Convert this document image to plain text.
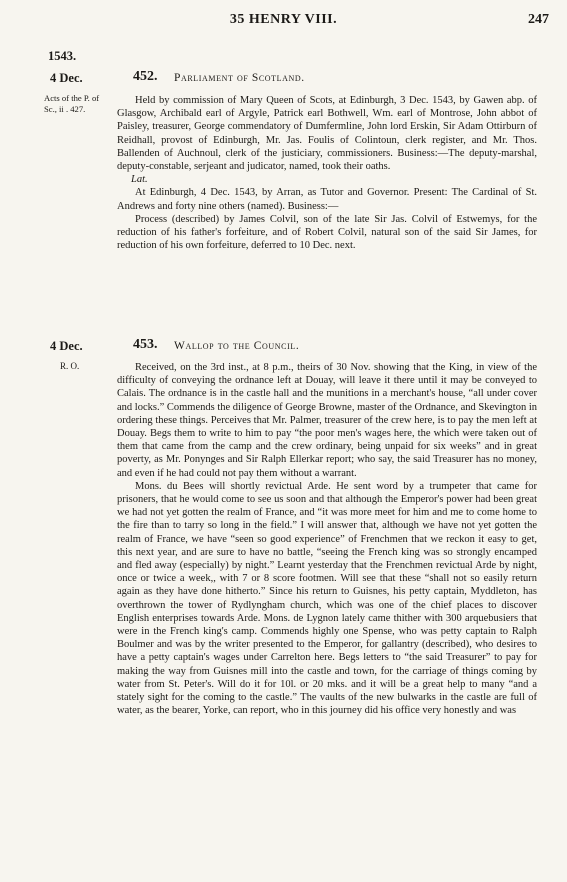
35 HENRY VIII.	247
1543.
4 Dec.	452. Parliament of Scotland.
Acts of the P. of Sc., ii . 427.

Held by commission of Mary Queen of Scots, at Edinburgh, 3 Dec. 1543, by Gawen abp. of Glasgow, Archibald earl of Argyle, Patrick earl Bothwell, Wm. earl of Montrose, John abbot of Paisley, treasurer, George commendatory of Dumfermline, John lord Erskin, Sir Adam Ottirburn of Reidhall, provost of Edinburgh, Mr. Jas. Foulis of Colintoun, clerk register, and Mr. Thos. Ballenden of Auchnoul, clerk of the justiciary, commissioners. Business:—The deputy-marshal, deputy-constable, serjeant and judicator, named, took their oaths.

Lat.

At Edinburgh, 4 Dec. 1543, by Arran, as Tutor and Governor. Present: The Cardinal of St. Andrews and forty nine others (named). Business:—

Process (described) by James Colvil, son of the late Sir Jas. Colvil of Estwemys, for the reduction of his father's forfeiture, and of Robert Colvil, natural son of the said Sir James, for reduction of his own forfeiture, deferred to 10 Dec. next.

4 Dec.	453. Wallop to the Council.
R. O.	Received, on the 3rd inst., at 8 p.m., theirs of 30 Nov. showing that the King, in view of the difficulty of conveying the ordnance left at Douay, will leave it there until it may be conveyed to Calais. The ordnance is in the castle hall and the munitions in a merchant's house, “all under cover and locks.” Commends the diligence of George Browne, master of the Ordnance, and Skevington in ordering these things. Perceives that Mr. Palmer, treasurer of the crew here, is to pay the men left at Douay. Begs them to write to him to pay “the poor men's wages here, the which were taken out of them that came from the camp and the crew ordinary, being unpaid for six weeks” and in great poverty, as Mr. Ponynges and Sir Ralph Ellerkar report; who say, the said Treasurer has no money, and even if he had could not pay them without a warrant.

Mons. du Bees will shortly revictual Arde. He sent word by a trumpeter that came for prisoners, that he would come to see us soon and that although the Emperor's power had been great we had not yet gotten the realm of France, and “it was more meet for him and me to come home to the fire than to tarry so long in the field.” I will answer that, although we have not yet gotten the realm of France, we have “seen so good experience” of Frenchmen that we reckon it easy to get, this next year, and are sure to have no battle, “seeing the French king was so strongly encamped and fled away (especially) by night.” Learnt yesterday that the Frenchmen revictual Arde by night, once or twice a week,, with 7 or 8 score footmen. Will see that these “shall not so easily return again as they have done hitherto.” Since his return to Guisnes, his petty captain, Myddleton, has overthrown the tower of Rydlyngham church, which was one of the chief places to discover English enterprises towards Arde. Mons. de Lygnon lately came thither with 300 arquebusiers that were in the French king's camp. Commends highly one Spense, who was petty captain to Ralph Boulmer and was by the writer presented to the Emperor, for gallantry (described), who desires to have a petty captain's wages under Carrelton here. Begs letters to “the said Treasurer” to pay for making the way from Guisnes mill into the castle and town, for the carriage of things coming by water from St. Peter's. Will do it for 10l. or 20 mks. and it will be a great help to many “and a stately sight for the coming to the castle.” The vaults of the new bulwarks in the castle are full of water, as the bearer, Yorke, can report, who in this journey did his office very honestly and was
